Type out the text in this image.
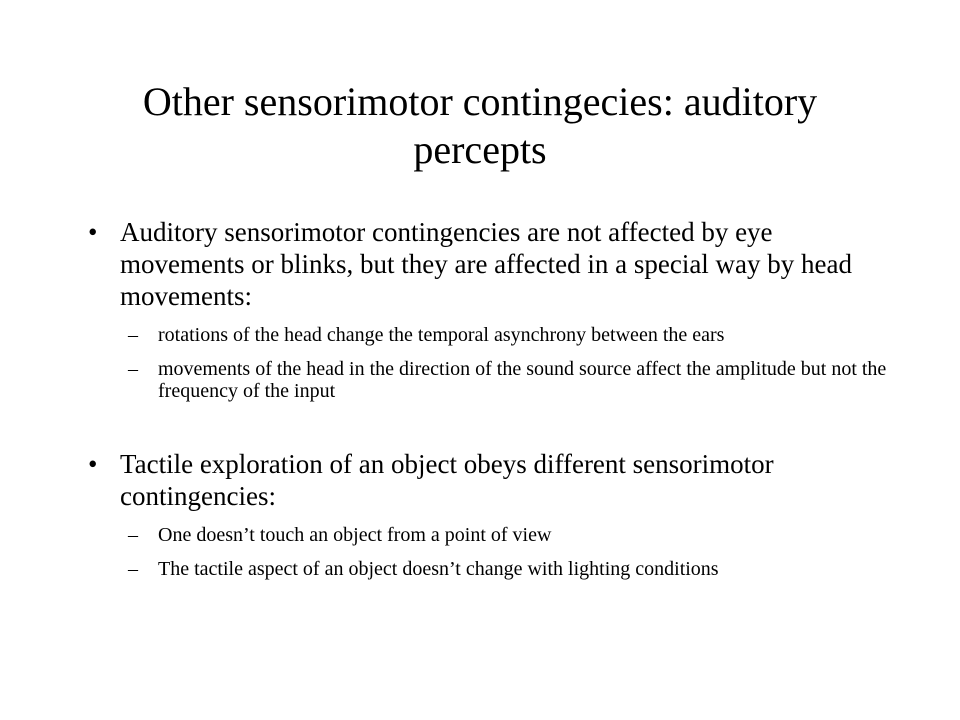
Other sensorimotor contingecies: auditory
percepts
• Auditory sensorimotor contingencies are not affected by eye movements or blinks, but they are affected in a special way by head movements:
– rotations of the head change the temporal asynchrony between the ears
– movements of the head in the direction of the sound source affect the amplitude but not the frequency of the input
• Tactile exploration of an object obeys different sensorimotor contingencies:
– One doesn’t touch an object from a point of view
– The tactile aspect of an object doesn’t change with lighting conditions
